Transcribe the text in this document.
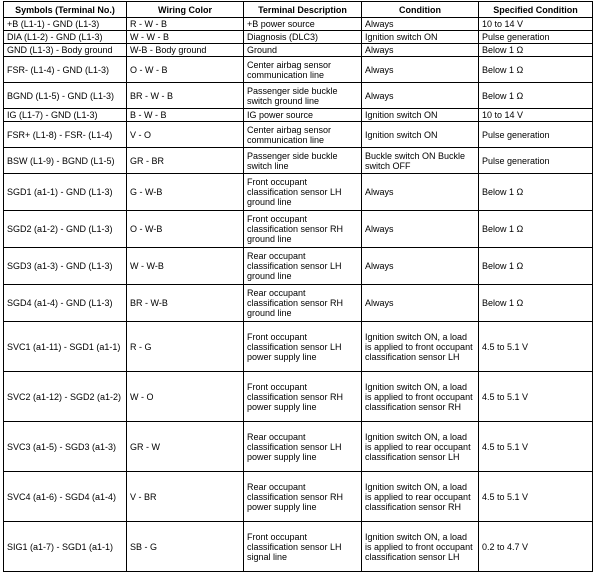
Symbols (Terminal No.)	Wiring Color	Terminal Description	Condition	Specified Condition
+B (L1-1) - GND (L1-3)	R - W - B	+B power source	Always	10 to 14 V
DIA (L1-2) - GND (L1-3)	W - W - B	Diagnosis (DLC3)	Ignition switch ON	Pulse generation
GND (L1-3) - Body ground	W-B - Body ground	Ground	Always	Below 1 Ω
FSR- (L1-4) - GND (L1-3)	O - W - B	Center airbag sensor communication line	Always	Below 1 Ω
BGND (L1-5) - GND (L1-3)	BR - W - B	Passenger side buckle switch ground line	Always	Below 1 Ω
IG (L1-7) - GND (L1-3)	B - W - B	IG power source	Ignition switch ON	10 to 14 V
FSR+ (L1-8) - FSR- (L1-4)	V - O	Center airbag sensor communication line	Ignition switch ON	Pulse generation
BSW (L1-9) - BGND (L1-5)	GR - BR	Passenger side buckle switch line	Buckle switch ON Buckle switch OFF	Pulse generation
SGD1 (a1-1) - GND (L1-3)	G - W-B	Front occupant classification sensor LH ground line	Always	Below 1 Ω
SGD2 (a1-2) - GND (L1-3)	O - W-B	Front occupant classification sensor RH ground line	Always	Below 1 Ω
SGD3 (a1-3) - GND (L1-3)	W - W-B	Rear occupant classification sensor LH ground line	Always	Below 1 Ω
SGD4 (a1-4) - GND (L1-3)	BR - W-B	Rear occupant classification sensor RH ground line	Always	Below 1 Ω
SVC1 (a1-11) - SGD1 (a1-1)	R - G	Front occupant classification sensor LH power supply line	Ignition switch ON, a load is applied to front occupant classification sensor LH	4.5 to 5.1 V
SVC2 (a1-12) - SGD2 (a1-2)	W - O	Front occupant classification sensor RH power supply line	Ignition switch ON, a load is applied to front occupant classification sensor RH	4.5 to 5.1 V
SVC3 (a1-5) - SGD3 (a1-3)	GR - W	Rear occupant classification sensor LH power supply line	Ignition switch ON, a load is applied to rear occupant classification sensor LH	4.5 to 5.1 V
SVC4 (a1-6) - SGD4 (a1-4)	V - BR	Rear occupant classification sensor RH power supply line	Ignition switch ON, a load is applied to rear occupant classification sensor RH	4.5 to 5.1 V
SIG1 (a1-7) - SGD1 (a1-1)	SB - G	Front occupant classification sensor LH signal line	Ignition switch ON, a load is applied to front occupant classification sensor LH	0.2 to 4.7 V
